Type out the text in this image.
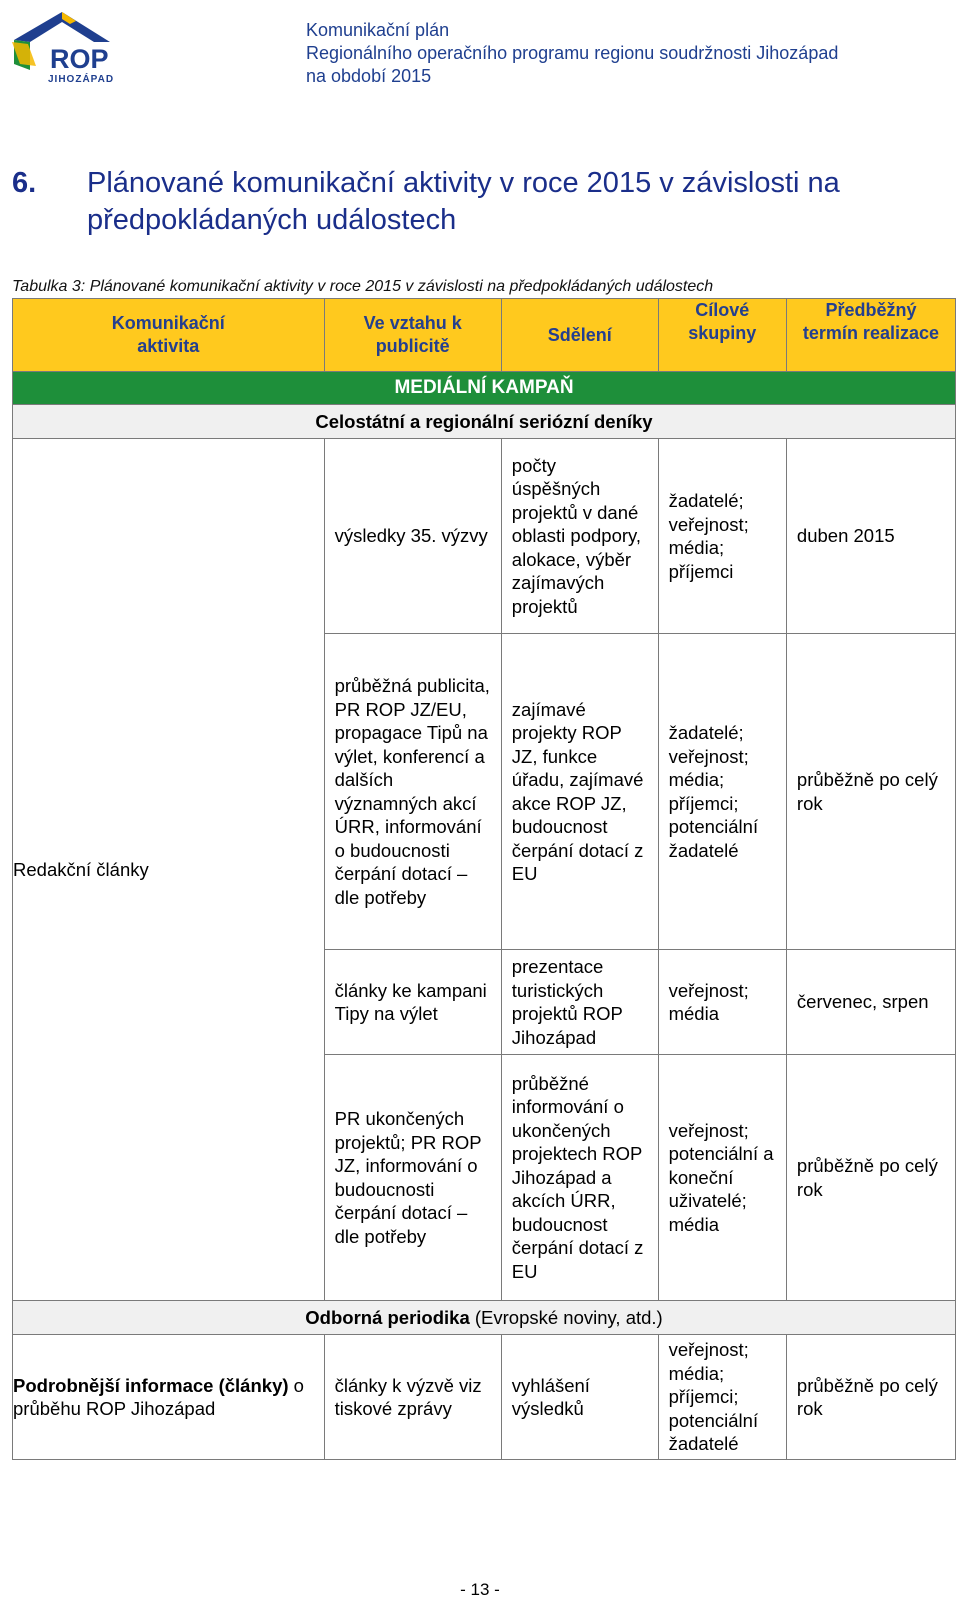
ROP
JIHOZÁPAD
Komunikační plán
Regionálního operačního programu regionu soudržnosti Jihozápad
na období 2015
6. Plánované komunikační aktivity v roce 2015 v závislosti na předpokládaných událostech
Tabulka 3: Plánované komunikační aktivity v roce 2015 v závislosti na předpokládaných událostech
Komunikační aktivita	Ve vztahu k publicitě	Sdělení	Cílové skupiny	Předběžný termín realizace
MEDIÁLNÍ KAMPAŇ				
Celostátní a regionální seriózní deníky				
Redakční články	výsledky 35. výzvy	počty úspěšných projektů v dané oblasti podpory, alokace, výběr zajímavých projektů	žadatelé; veřejnost; média; příjemci	duben 2015
	průběžná publicita, PR ROP JZ/EU, propagace Tipů na výlet, konferencí a dalších významných akcí ÚRR, informování o budoucnosti čerpání dotací – dle potřeby	zajímavé projekty ROP JZ, funkce úřadu, zajímavé akce ROP JZ, budoucnost čerpání dotací z EU	žadatelé; veřejnost; média; příjemci; potenciální žadatelé	průběžně po celý rok
	články ke kampani Tipy na výlet	prezentace turistických projektů ROP Jihozápad	veřejnost; média	červenec, srpen
	PR ukončených projektů; PR ROP JZ, informování o budoucnosti čerpání dotací – dle potřeby	průběžné informování o ukončených projektech ROP Jihozápad a akcích ÚRR, budoucnost čerpání dotací z EU	veřejnost; potenciální a koneční uživatelé; média	průběžně po celý rok
Odborná periodika (Evropské noviny, atd.)				
Podrobnější informace (články) o průběhu ROP Jihozápad	články k výzvě viz tiskové zprávy	vyhlášení výsledků	veřejnost; média; příjemci; potenciální žadatelé	průběžně po celý rok
- 13 -
